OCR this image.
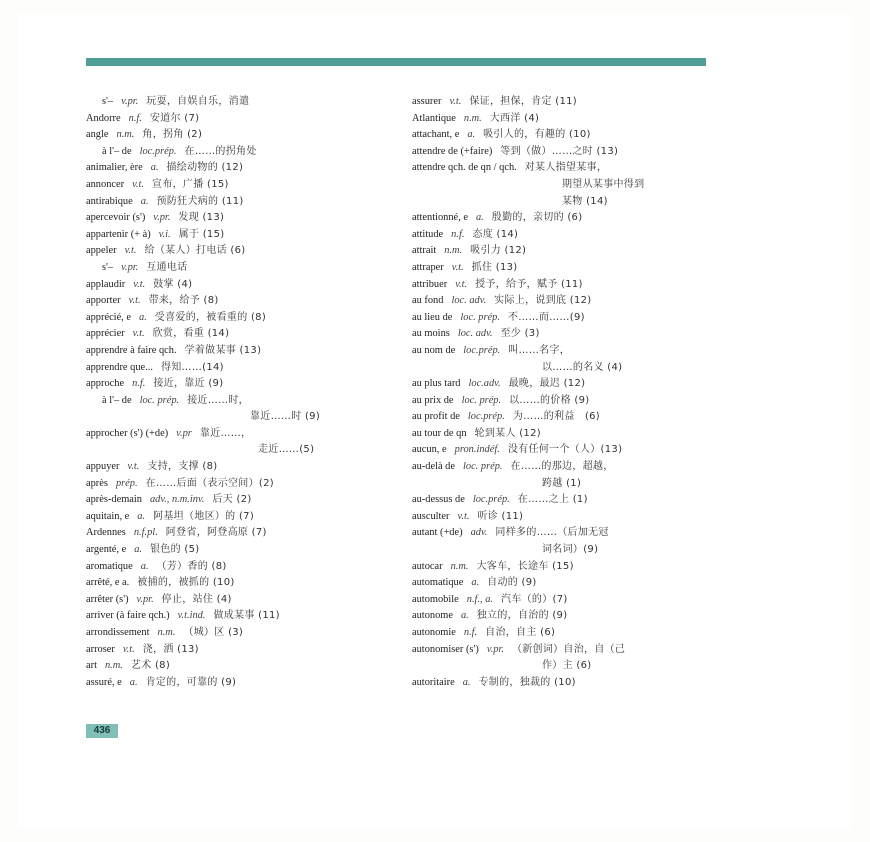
s'– v.pr. 玩耍，自娱自乐，消遣
Andorre n.f. 安道尔 (7)
angle n.m. 角，拐角 (2)
à l'– de loc.prép. 在……的拐角处
animalier, ère a. 描绘动物的 (12)
annoncer v.t. 宣布，广播 (15)
antirabique a. 预防狂犬病的 (11)
apercevoir (s') v.pr. 发现 (13)
appartenir (+ à) v.i. 属于 (15)
appeler v.t. 给（某人）打电话 (6)
s'– v.pr. 互通电话
applaudir v.t. 鼓掌 (4)
apporter v.t. 带来，给予 (8)
apprécié, e a. 受喜爱的，被看重的 (8)
apprécier v.t. 欣赏，看重 (14)
apprendre à faire qch. 学着做某事 (13)
apprendre que... 得知……(14)
approche n.f. 接近，靠近 (9)
à l'– de loc. prép. 接近……时，
靠近……时 (9)
approcher (s') (+de) v.pr 靠近……，
走近……(5)
appuyer v.t. 支持，支撑 (8)
après prép. 在……后面（表示空间）(2)
après-demain adv., n.m.inv. 后天 (2)
aquitain, e a. 阿基坦（地区）的 (7)
Ardennes n.f.pl. 阿登省，阿登高原 (7)
argenté, e a. 银色的 (5)
aromatique a. （芳）香的 (8)
arrêté, e a. 被捕的，被抓的 (10)
arrêter (s') v.pr. 停止，站住 (4)
arriver (à faire qch.) v.t.ind. 做成某事 (11)
arrondissement n.m. （城）区 (3)
arroser v.t. 浇，洒 (13)
art n.m. 艺术 (8)
assuré, e a. 肯定的，可靠的 (9)
assurer v.t. 保证，担保，肯定 (11)
Atlantique n.m. 大西洋 (4)
attachant, e a. 吸引人的，有趣的 (10)
attendre de (+faire) 等到（做）……之时 (13)
attendre qch. de qn / qch. 对某人指望某事，
期望从某事中得到
某物 (14)
attentionné, e a. 殷勤的，亲切的 (6)
attitude n.f. 态度 (14)
attrait n.m. 吸引力 (12)
attraper v.t. 抓住 (13)
attribuer v.t. 授予，给予，赋予 (11)
au fond loc. adv. 实际上，说到底 (12)
au lieu de loc. prép. 不……而……(9)
au moins loc. adv. 至少 (3)
au nom de loc.prép. 叫……名字，
以……的名义 (4)
au plus tard loc.adv. 最晚，最迟 (12)
au prix de loc. prép. 以……的价格 (9)
au profit de loc.prép. 为……的利益　(6)
au tour de qn 轮到某人 (12)
aucun, e pron.indéf. 没有任何一个（人）(13)
au-delà de loc. prép. 在……的那边，超越，
跨越 (1)
au-dessus de loc.prép. 在……之上 (1)
ausculter v.t. 听诊 (11)
autant (+de) adv. 同样多的……（后加无冠
词名词）(9)
autocar n.m. 大客车，长途车 (15)
automatique a. 自动的 (9)
automobile n.f., a. 汽车（的）(7)
autonome a. 独立的，自治的 (9)
autonomie n.f. 自治，自主 (6)
autonomiser (s') v.pr. （新创词）自治，自（己
作）主 (6)
autoritaire a. 专制的，独裁的 (10)
436
